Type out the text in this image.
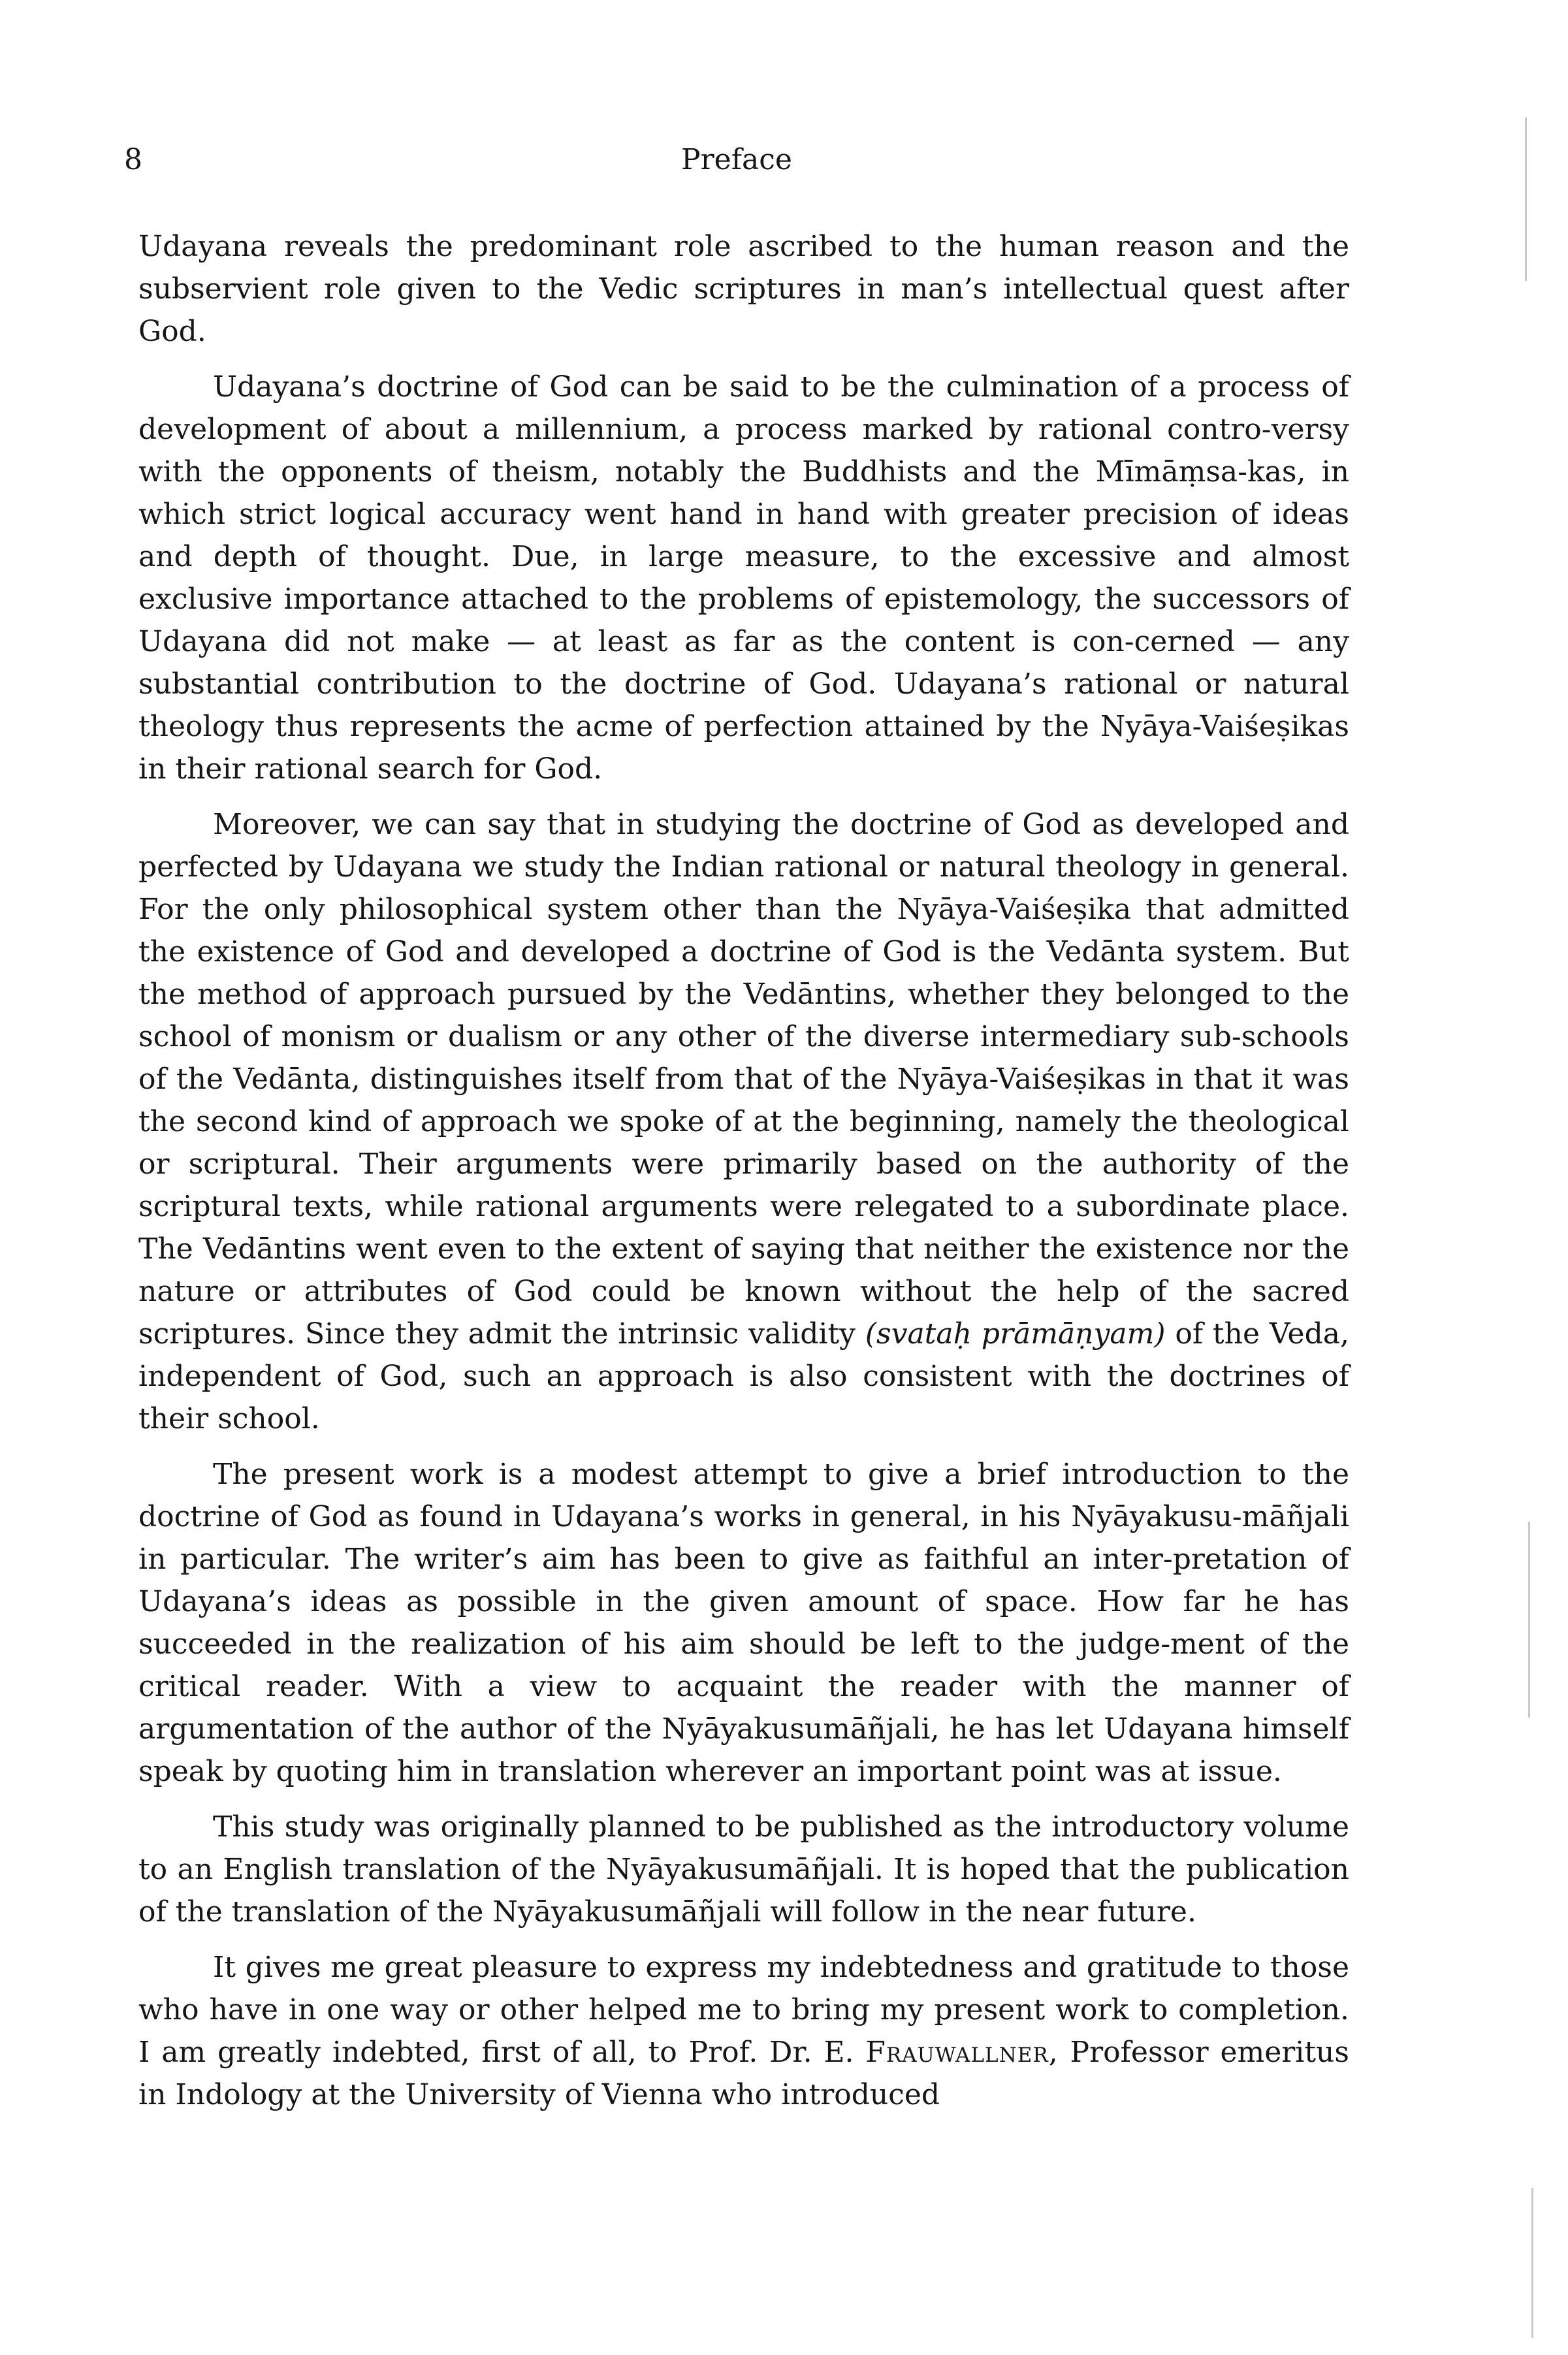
8	Preface

Udayana reveals the predominant role ascribed to the human reason and the subservient role given to the Vedic scriptures in man’s intellectual quest after God.

Udayana’s doctrine of God can be said to be the culmination of a process of development of about a millennium, a process marked by rational contro-versy with the opponents of theism, notably the Buddhists and the Mīmāṃsa-kas, in which strict logical accuracy went hand in hand with greater precision of ideas and depth of thought. Due, in large measure, to the excessive and almost exclusive importance attached to the problems of epistemology, the successors of Udayana did not make — at least as far as the content is con-cerned — any substantial contribution to the doctrine of God. Udayana’s rational or natural theology thus represents the acme of perfection attained by the Nyāya-Vaiśeṣikas in their rational search for God.

Moreover, we can say that in studying the doctrine of God as developed and perfected by Udayana we study the Indian rational or natural theology in general. For the only philosophical system other than the Nyāya-Vaiśeṣika that admitted the existence of God and developed a doctrine of God is the Vedānta system. But the method of approach pursued by the Vedāntins, whether they belonged to the school of monism or dualism or any other of the diverse intermediary sub-schools of the Vedānta, distinguishes itself from that of the Nyāya-Vaiśeṣikas in that it was the second kind of approach we spoke of at the beginning, namely the theological or scriptural. Their arguments were primarily based on the authority of the scriptural texts, while rational arguments were relegated to a subordinate place. The Vedāntins went even to the extent of saying that neither the existence nor the nature or attributes of God could be known without the help of the sacred scriptures. Since they admit the intrinsic validity (svataḥ prāmāṇyam) of the Veda, independent of God, such an approach is also consistent with the doctrines of their school.

The present work is a modest attempt to give a brief introduction to the doctrine of God as found in Udayana’s works in general, in his Nyāyakusu-māñjali in particular. The writer’s aim has been to give as faithful an inter-pretation of Udayana’s ideas as possible in the given amount of space. How far he has succeeded in the realization of his aim should be left to the judge-ment of the critical reader. With a view to acquaint the reader with the manner of argumentation of the author of the Nyāyakusumāñjali, he has let Udayana himself speak by quoting him in translation wherever an important point was at issue.

This study was originally planned to be published as the introductory volume to an English translation of the Nyāyakusumāñjali. It is hoped that the publication of the translation of the Nyāyakusumāñjali will follow in the near future.

It gives me great pleasure to express my indebtedness and gratitude to those who have in one way or other helped me to bring my present work to completion. I am greatly indebted, first of all, to Prof. Dr. E. Frauwallner, Professor emeritus in Indology at the University of Vienna who introduced
